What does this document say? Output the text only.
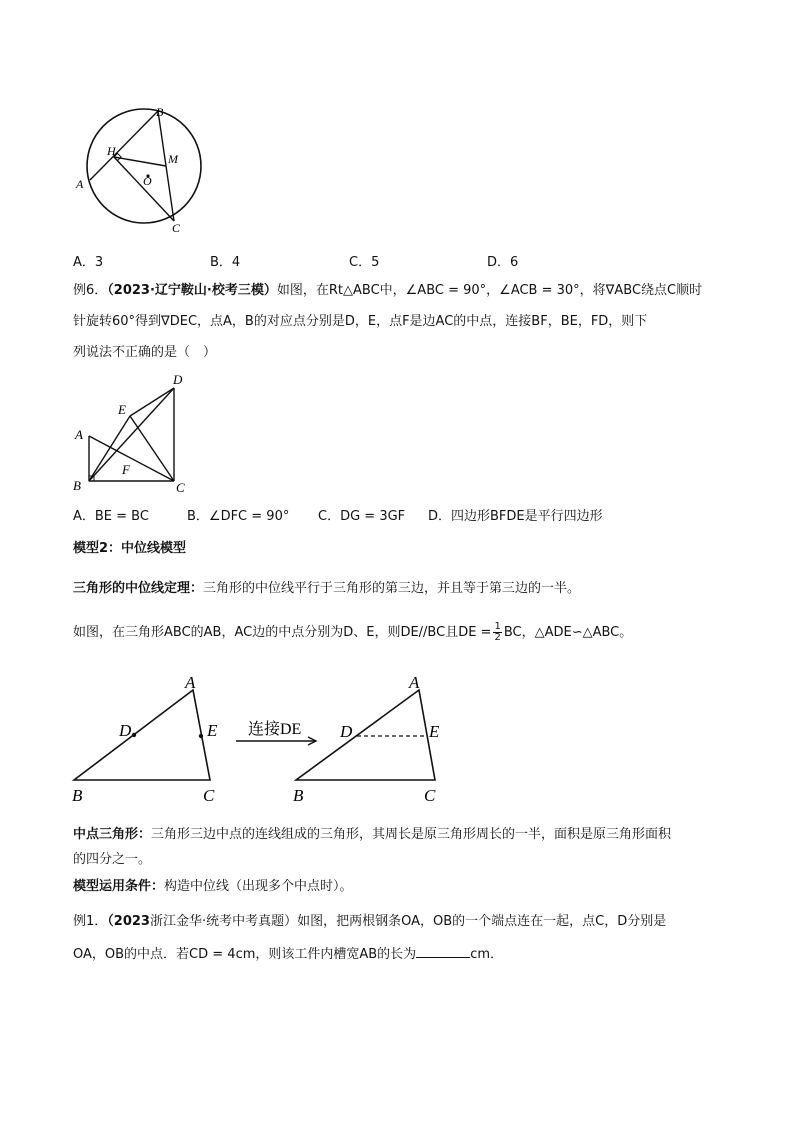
B
H
M
O
A
C
A．3	B．4	C．5	D．6
例6．（2023·辽宁鞍山·校考三模）如图，在Rt△ABC中，∠ABC = 90°，∠ACB = 30°，将∇ABC绕点C顺时
针旋转60°得到∇DEC，点A，B的对应点分别是D，E，点F是边AC的中点，连接BF，BE，FD，则下
列说法不正确的是（　）
D
E
A
F
B	C
A．BE = BC	B．∠DFC = 90° C．DG = 3GF D．四边形BFDE是平行四边形
模型2：中位线模型
三角形的中位线定理：三角形的中位线平行于三角形的第三边，并且等于第三边的一半。
如图，在三角形ABC的AB，AC边的中点分别为D、E，则DE//BC且DE = $\frac{1}{2}$ BC，△ADE∽△ABC。
A
D	E
B	C
连接DE
A
D	E
B	C
中点三角形：三角形三边中点的连线组成的三角形，其周长是原三角形周长的一半，面积是原三角形面积
的四分之一。
模型运用条件：构造中位线（出现多个中点时）。
例1．（2023浙江金华·统考中考真题）如图，把两根钢条OA，OB的一个端点连在一起，点C，D分别是
OA，OB的中点．若CD = 4cm，则该工件内槽宽AB的长为	cm．
